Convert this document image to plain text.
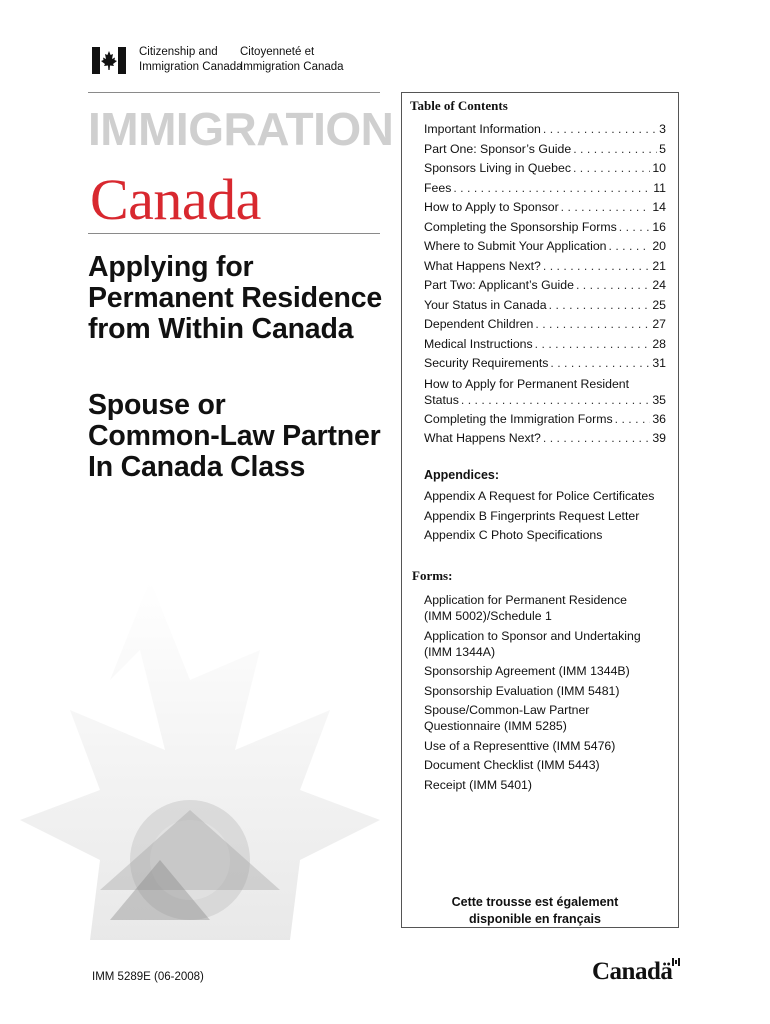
Citizenship and
Immigration Canada
Citoyenneté et
Immigration Canada
IMMIGRATION
Canada
Applying for
Permanent Residence
from Within Canada
Spouse or
Common-Law Partner
In Canada Class
Table of Contents
Important Information . . .	3
Part One: Sponsor’s Guide . . .	5
Sponsors Living in Quebec . . .	10
Fees . . .	11
How to Apply to Sponsor . . .	14
Completing the Sponsorship Forms . . .	16
Where to Submit Your Application . . .	20
What Happens Next? . . .	21
Part Two: Applicant’s Guide . . .	24
Your Status in Canada . . .	25
Dependent Children . . .	27
Medical Instructions . . .	28
Security Requirements . . .	31
How to Apply for Permanent Resident
Status . . .	35
Completing the Immigration Forms . . .	36
What Happens Next? . . .	39
Appendices:
Appendix A Request for Police Certificates
Appendix B Fingerprints Request Letter
Appendix C Photo Specifications
Forms:
Application for Permanent Residence
(IMM 5002)/Schedule 1
Application to Sponsor and Undertaking
(IMM 1344A)
Sponsorship Agreement (IMM 1344B)
Sponsorship Evaluation (IMM 5481)
Spouse/Common-Law Partner
Questionnaire (IMM 5285)
Use of a Representtive (IMM 5476)
Document Checklist (IMM 5443)
Receipt (IMM 5401)
Cette trousse est également
disponible en français
IMM 5289E (06-2008)	Canadä
